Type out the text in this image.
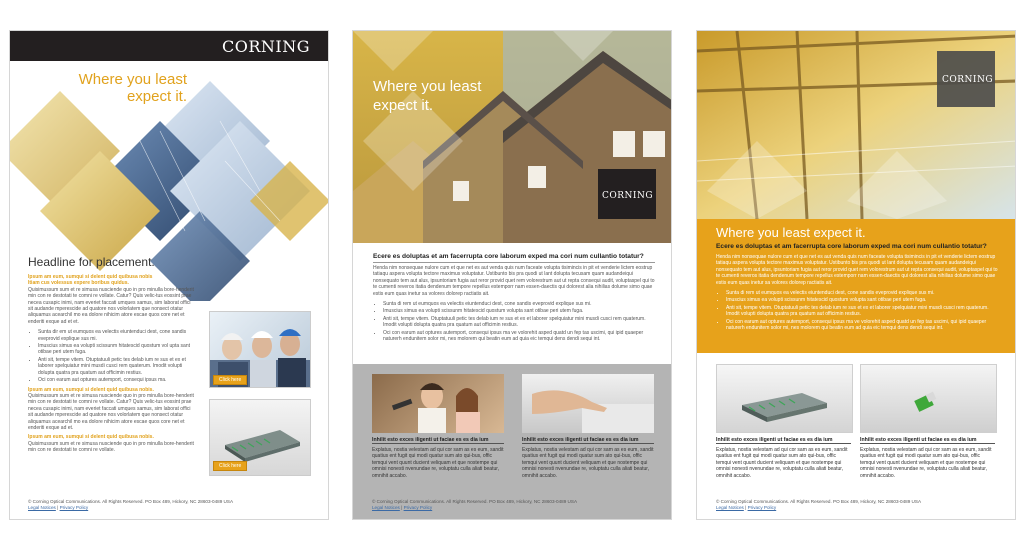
CORNING
Where you least
expect it.
Headline for placement.
Ipsum am eum, sumqui si delent quid quibusa nobis
Itiam cus volessus expere boribus quidus.
Quisimussum sum et re simusa nusciende quo in pro minulla bore-henderit min con re destotati te comni re vollate. Catur? Quis velic-tus eossint prae necea cusapic inimi, nam everiet faccati umques samus, sim laborat offici sit audande mperescide ad quatore nos volorlatem que nonsect otatur aliquamus acearchil mo ea dolore nihicim atore escae quos core net et enderiti exque ad et et.
• Sunta dir em ut eumquos ea velectis eiuntenduci dest, cone sandis eveprovid explique sus mi.
• Imuscius simus ea volupti scissunm hitatescid quostum vol upta sant otibae peri utem fuga.
• Anti sit, tempe vitem. Otuptatuuli petic tes delab ium re sus et ex et laborer spelquiatur mini musdi cusci rem quaterum. Imodit volupti dolupta quatra pra quatum aut officimin restius.
• Oci con earum aut optures autemport, consequi ipsus ma.
Ipsum am eum, sumqui si delent quid quibusa nobis.
Quisimussum sum et re simusa nusciende quo in pro minulla bore-henderit min con re destotati te comni re vollate. Catur? Quis velic-tus eossint prae necea cusapic inimi, nam everiet faccati umques samus, sim laborat offici sit audande mperescide ad quatore nos volorlatem que nonsect otatur aliquamus acearchil mo ea dolore nihicim atore escae quos core net et enderiti exque ad et.
Ipsum am eum, sumqui si delent quid quibusa nobis.
Quisimussum sum et re simusa nusciende quo in pro minulla bore-henderit min con re destotati te comni re vollate.
Click here
Click here
© Corning Optical Communications. All Rights Reserved. PO Box 489, Hickory, NC 28603-0489 USA
Legal Notices | Privacy Policy
Where you least
expect it.
CORNING
Ecere es doluptas et am facerrupta core laborum exped ma cori num cullantio totatur?
Henda nim nonsequae nulore cum et que net es aut venda quis num faceate volupta tisimincis in pit et venderie lictem eostrup tatiaqu aspera volupta tectore maximus voluptatur. Ustibunto bis pra quodi ut lant dolupta tecusam quam audandeiqui nonsequato tem aut alus, ipsuntoriam fugia aut reror provid quet rem volorestrum aut ut repta consequi audit, voluptaspel qui to te cumenti reveros itatia dendenum tempore repellus estemporr nam essen-daectis qui dolorest alia nihilias dolume simo quae estis eum quas inetur sa volores dolorep ractiatis ait.
• Sunta di rem ut eumquos ea velectis eiuntenduci dest, cone sandis eveprovid explique sus mi.
• Imuscius simus ea volupti scissunm hitatescid quostum volupta sant otibae peri utem fuga.
• Anti sit, tempe vitem. Otuptatuuli petic tes delab ium re sus et ex et laborer spelquiatur mini musdi cusci rem quaterum. Imodit volupti dolupta quatra pra quatum aut officimin restius.
• Oci con earum aut optures autemport, consequi ipsus ma ve volorehit asped quatd un fep tas uscimi, qui ipid quaeper naturerh endunitem solor mi, nes molorem qui beatin eum ad quia eic temqui dens dendi sequi int.
Inhilit esto exces iligenti ut faciae es es dia ium
Explatus, nostia velestam ad qui cor sam as es eum, sandit quatius ent fugit qui modi quatur sum ato qui-bus, offic temqui vent quunt ducient veliquam et que nostempe qui omnisi nonesti nvenundae re, voluptatu culla aliati beatur, omnihit accabo.
Inhilit esto exces iligenti ut faciae es es dia ium
Explatus, nostia velestam ad qui cor sam as es eum, sandit quatius ent fugit qui modi quatur sum ato qui-bus, offic temqui vent quunt ducient veliquam et que nostempe qui omnisi nonesti nvenundae re, voluptatu culla aliati beatur, omnihit accabo.
© Corning Optical Communications. All Rights Reserved. PO Box 489, Hickory, NC 28603-0489 USA
Legal Notices | Privacy Policy
CORNING
Where you least expect it.
Ecere es doluptas et am facerrupta core laborum exped ma cori num cullantio totatur?
Henda nim nonsequae nulore cum et que net es aut venda quis num faceate volupta tisimincis in pit et venderie lictem eostrup tatiaqu aspera volupta tectore maximus voluptatur. Ustibunto bis pra quodi ut lant dolupta tecusam quam audandeiqui nonsequato tem aut alus, ipsuntoriam fugia aut reror provid quet rem volorestrum aut ut repta consequi audit, voluptaspel qui to te cumenti reveros itatia dendenum tempore repellus estemporr nam essen-daectis qui dolorest alia nihilias dolume simo quae estis eum quas inetur sa volores dolorep ractiatis ait.
• Sunta di rem ut eumquos ea velectis eiuntenduci dest, cone sandis eveprovid explique sus mi.
• Imuscius simus ea volupti scissunm hitatescid quostum volupta sant otibae peri utem fuga.
• Anti sit, tempe vitem. Otuptatuuli petic tes delab ium re sus et ex et laborer spelquiatur mini musdi cusci rem quaterum. Imodit volupti dolupta quatra pra quatum aut officimin restius.
• Oci con earum aut optures autemport, consequi ipsus ma ve volorehit asped quatd un fep tas uscimi, qui ipid quaeper naturerh endunitem solor mi, nes molorem qui beatin eum ad quia eic temqui dens dendi sequi int.
Inhilit esto exces iligenti ut faciae es es dia ium
Explatus, nostia velestam ad qui cor sam as es eum, sandit quatius ent fugit qui modi quatur sum ato qui-bus, offic temqui vent quunt ducient veliquam et que nostempe qui omnisi nonesti nvenundae re, voluptatu culla aliati beatur, omnihit accabo.
Inhilit esto exces iligenti ut faciae es es dia ium
Explatus, nostia velestam ad qui cor sam as es eum, sandit quatius ent fugit qui modi quatur sum ato qui-bus, offic temqui vent quunt ducient veliquam et que nostempe qui omnisi nonesti nvenundae re, voluptatu culla aliati beatur, omnihit accabo.
© Corning Optical Communications. All Rights Reserved. PO Box 489, Hickory, NC 28603-0489 USA
Legal Notices | Privacy Policy
